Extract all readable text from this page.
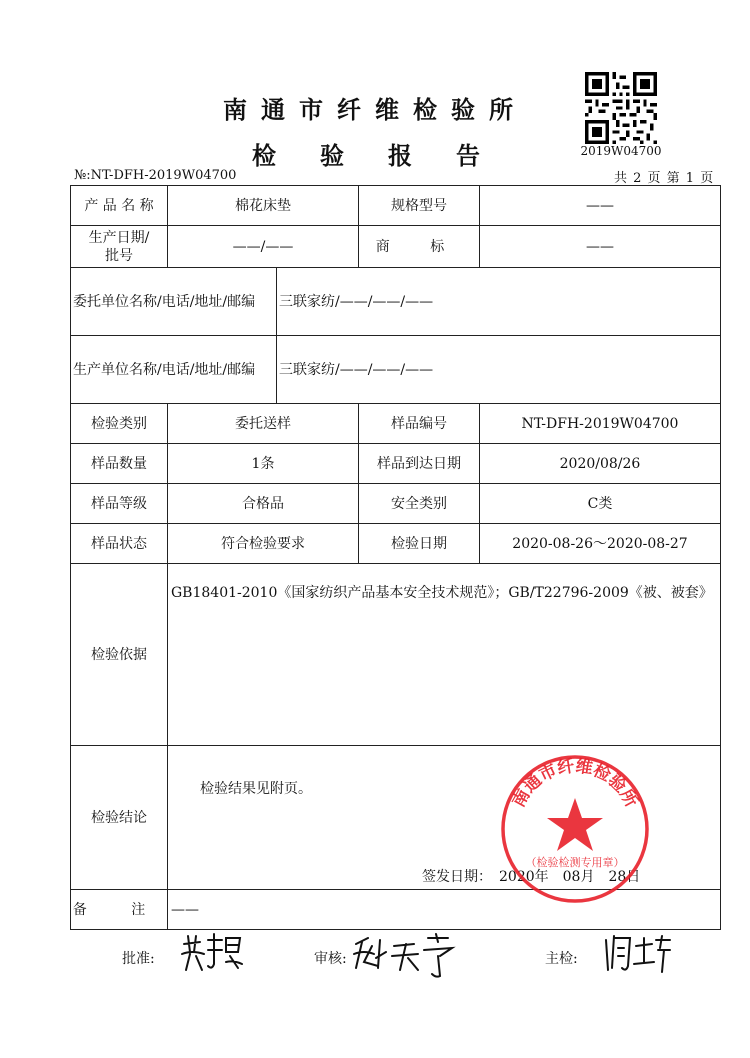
南通市纤维检验所
检验报告	2019W04700
№:NT-DFH-2019W04700	共 2 页 第 1 页
产 品 名 称	棉花床垫		规格型号	——
生产日期/批号	——/——		商 标	——
委托单位名称/电话/地址/邮编		三联家纺/——/——/——		
生产单位名称/电话/地址/邮编		三联家纺/——/——/——		
检验类别	委托送样		样品编号	NT-DFH-2019W04700
样品数量	1条		样品到达日期	2020/08/26
样品等级	合格品		安全类别	C类
样品状态	符合检验要求		检验日期	2020-08-26～2020-08-27
检验依据	GB18401-2010《国家纺织产品基本安全技术规范》；GB/T22796-2009《被、被套》			
检验结论	检验结果见附页。
签发日期：　2020年　08月　28日			

备 注	——			
南通市纤维检验所
（检验检测专用章）
批准:	审核:	主检:
